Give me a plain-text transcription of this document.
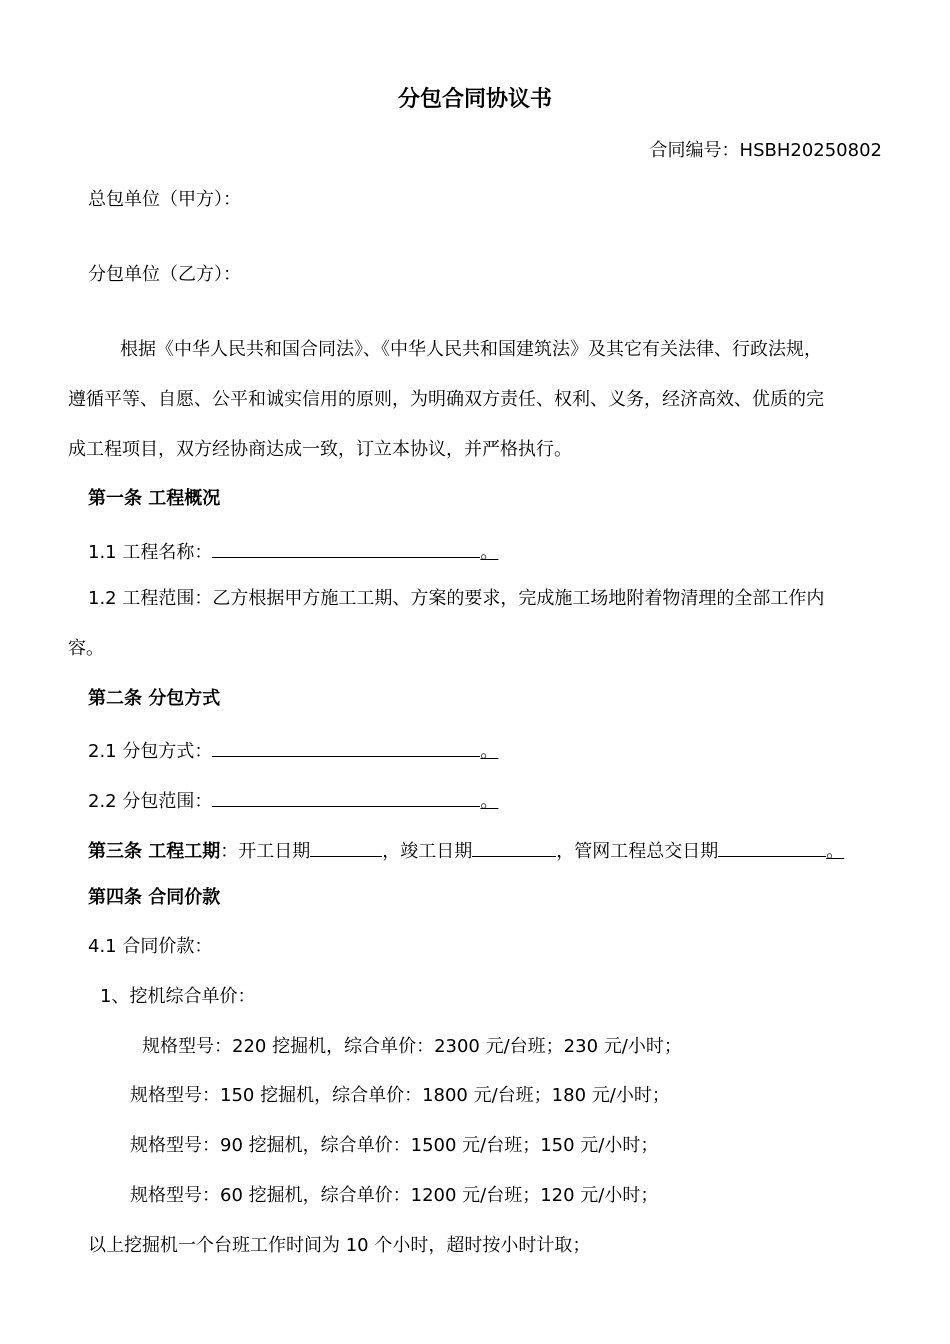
分包合同协议书
合同编号：HSBH20250802
总包单位（甲方）：
分包单位（乙方）：
根据《中华人民共和国合同法》、《中华人民共和国建筑法》及其它有关法律、行政法规，
遵循平等、自愿、公平和诚实信用的原则，为明确双方责任、权利、义务，经济高效、优质的完
成工程项目，双方经协商达成一致，订立本协议，并严格执行。
第一条 工程概况
1.1 工程名称：	。
1.2 工程范围：乙方根据甲方施工工期、方案的要求，完成施工场地附着物清理的全部工作内
容。
第二条 分包方式
2.1 分包方式：	。
2.2 分包范围：	。
第三条 工程工期：开工日期	，竣工日期	，管网工程总交日期	。
第四条 合同价款
4.1 合同价款：
1、挖机综合单价：
规格型号：220 挖掘机，综合单价：2300 元/台班；230 元/小时；
规格型号：150 挖掘机，综合单价：1800 元/台班；180 元/小时；
规格型号：90 挖掘机，综合单价：1500 元/台班；150 元/小时；
规格型号：60 挖掘机，综合单价：1200 元/台班；120 元/小时；
以上挖掘机一个台班工作时间为 10 个小时，超时按小时计取；
